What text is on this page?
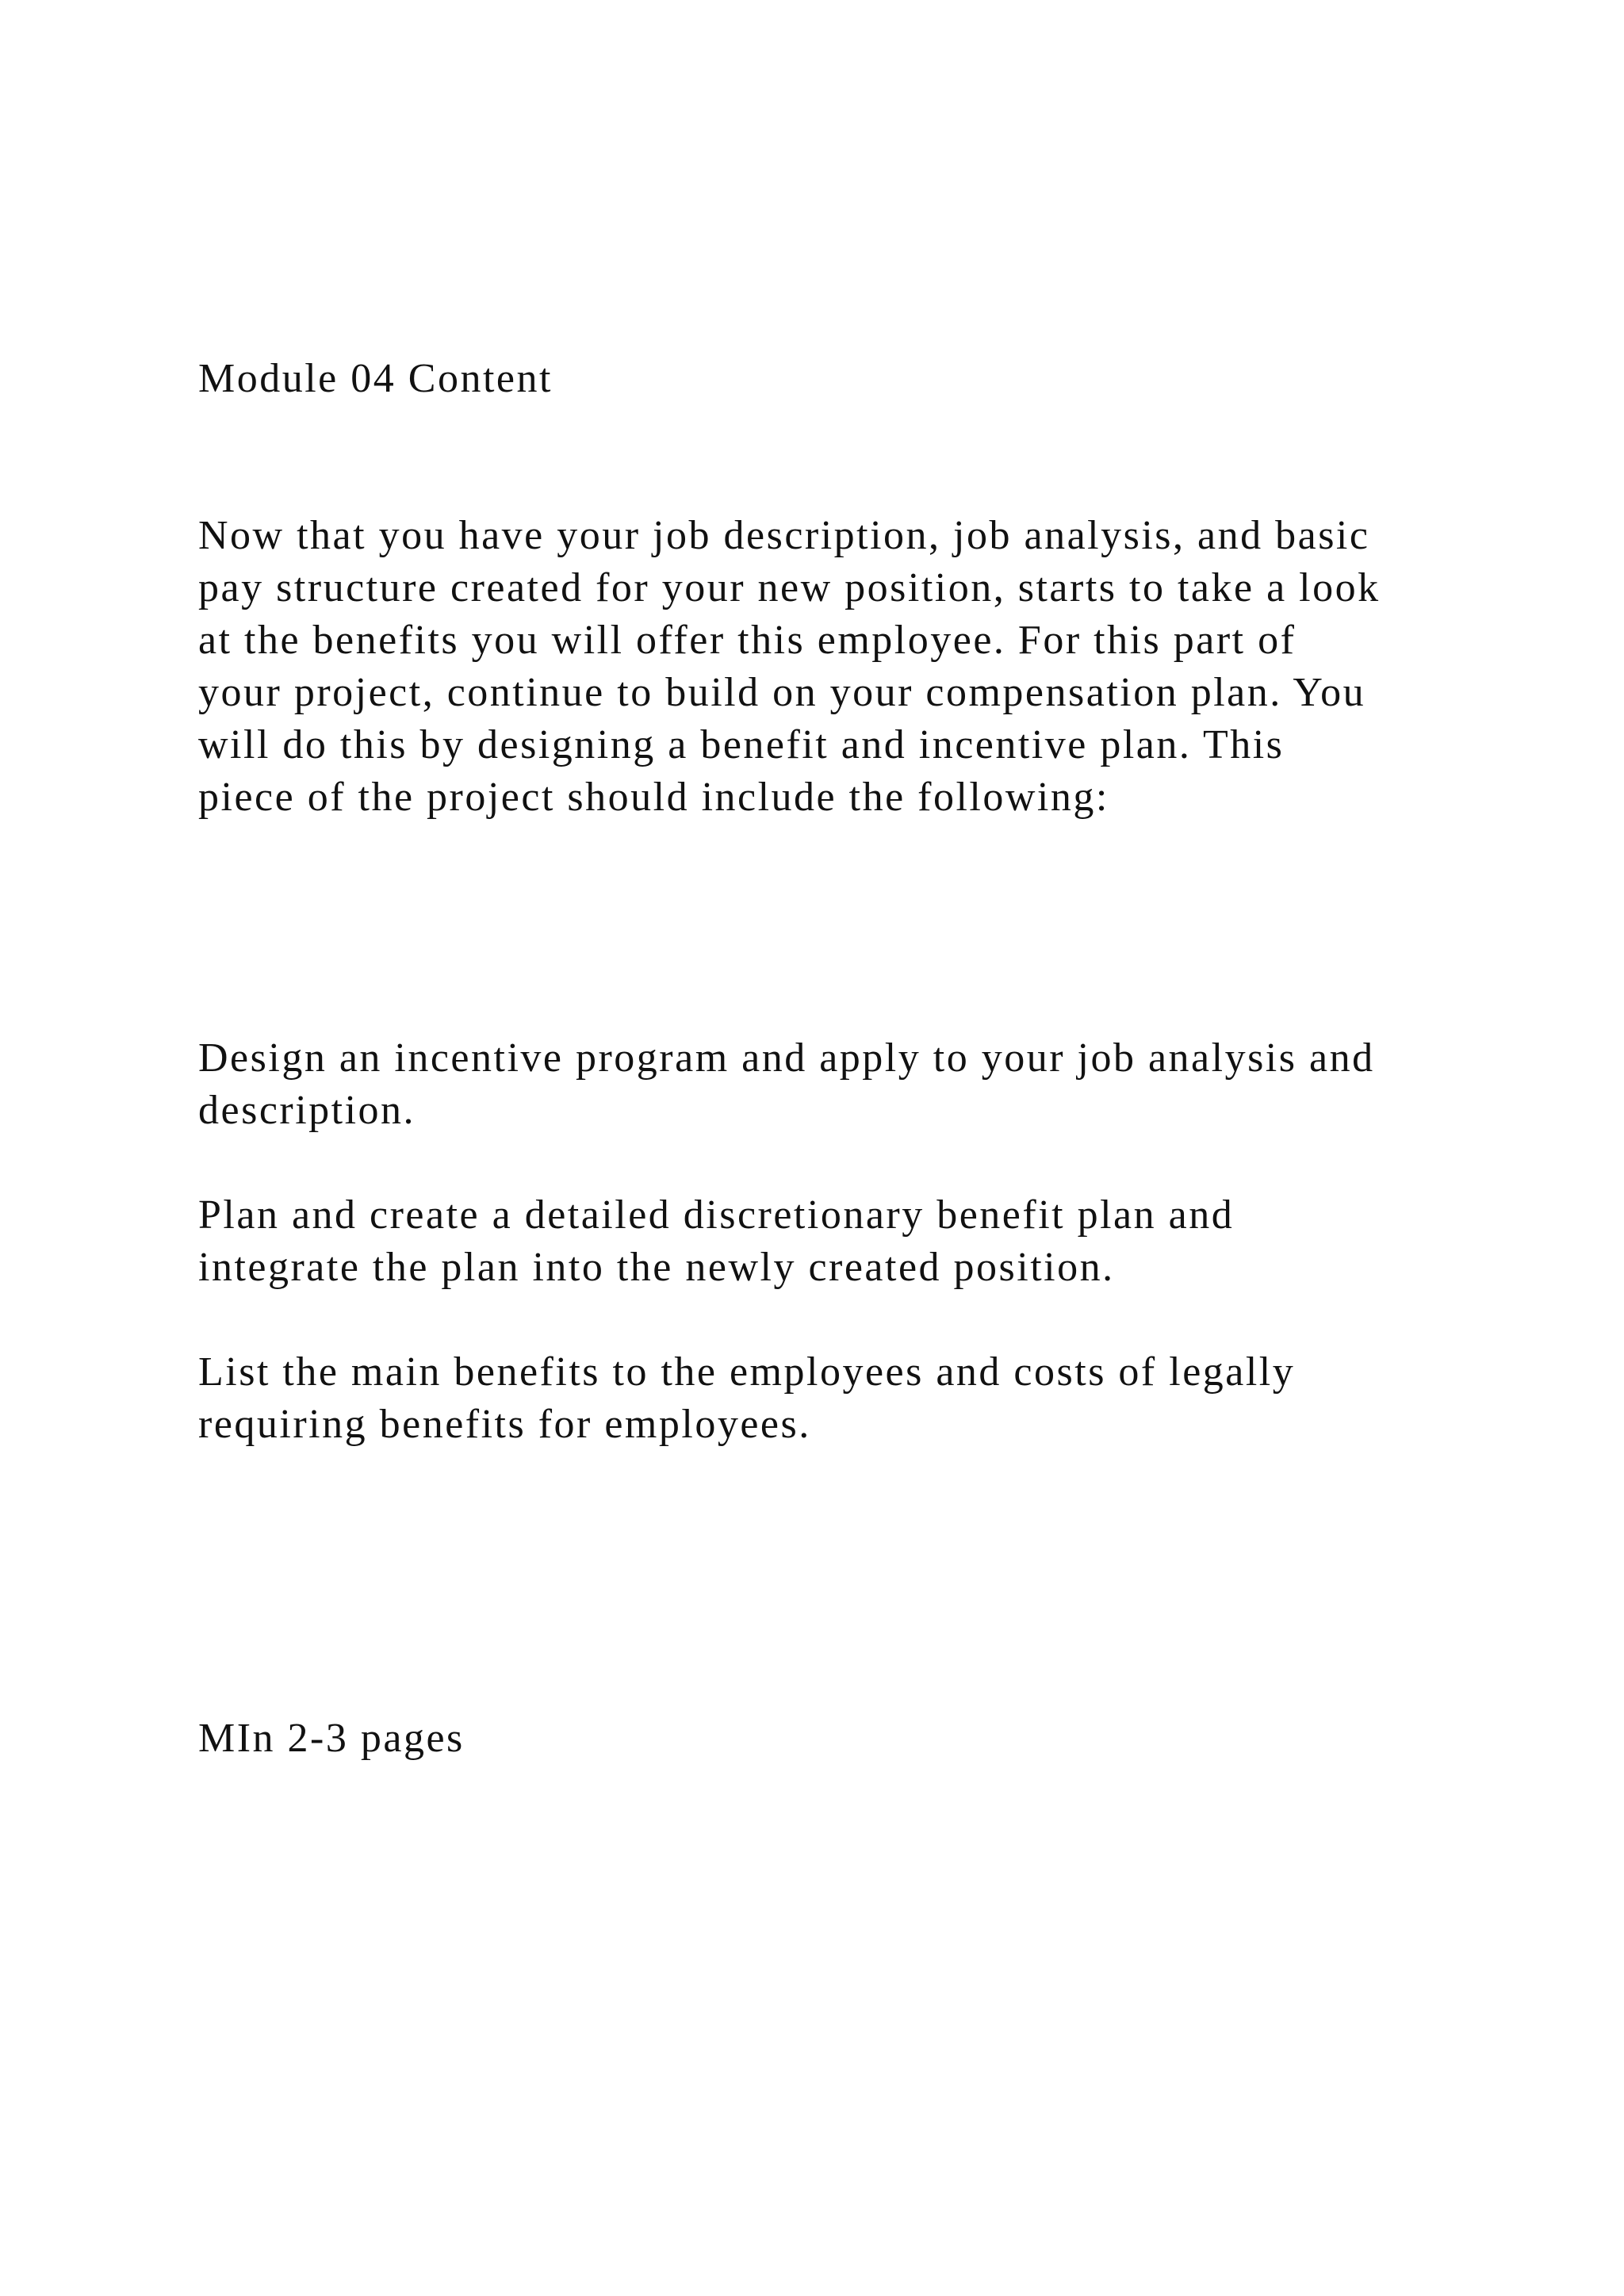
Module 04 Content

Now that you have your job description, job analysis, and basic
pay structure created for your new position, starts to take a look
at the benefits you will offer this employee. For this part of
your project, continue to build on your compensation plan. You
will do this by designing a benefit and incentive plan. This
piece of the project should include the following:

Design an incentive program and apply to your job analysis and
description.

Plan and create a detailed discretionary benefit plan and
integrate the plan into the newly created position.

List the main benefits to the employees and costs of legally
requiring benefits for employees.

MIn 2-3 pages
